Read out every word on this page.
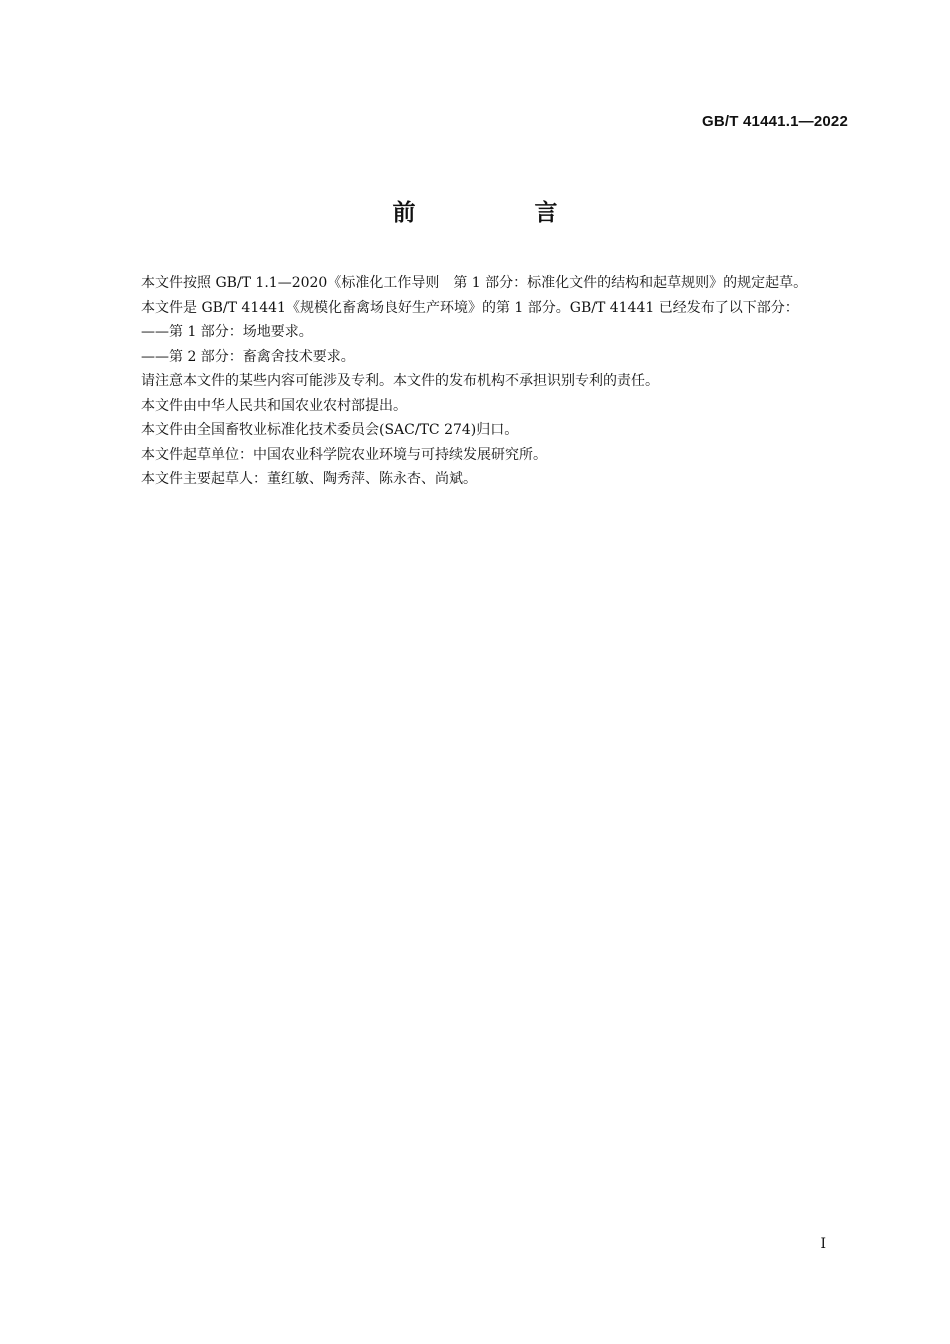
GB/T 41441.1—2022
前　言

本文件按照 GB/T 1.1—2020《标准化工作导则　第 1 部分：标准化文件的结构和起草规则》的规定起草。

本文件是 GB/T 41441《规模化畜禽场良好生产环境》的第 1 部分。GB/T 41441 已经发布了以下部分：

——第 1 部分：场地要求。

——第 2 部分：畜禽舍技术要求。

请注意本文件的某些内容可能涉及专利。本文件的发布机构不承担识别专利的责任。

本文件由中华人民共和国农业农村部提出。

本文件由全国畜牧业标准化技术委员会(SAC/TC 274)归口。

本文件起草单位：中国农业科学院农业环境与可持续发展研究所。

本文件主要起草人：董红敏、陶秀萍、陈永杏、尚斌。

I
